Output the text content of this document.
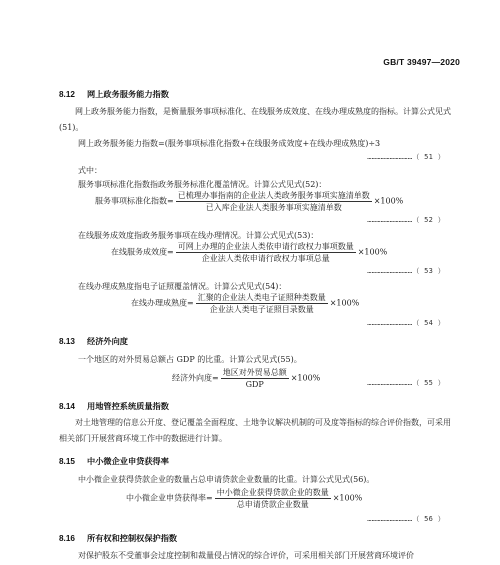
GB/T 39497—2020
8.12 网上政务服务能力指数
网上政务服务能力指数，是衡量服务事项标准化、在线服务成效度、在线办理成熟度的指标。计算公式见式(51)。
网上政务服务能力指数=(服务事项标准化指数+在线服务成效度+在线办理成熟度)÷3
…………………………（ 51 ）
式中：
服务事项标准化指数指政务服务标准化覆盖情况。计算公式见式(52)：
服务事项标准化指数= $\frac{\text{已梳理办事指南的企业法人类政务服务事项实施清单数}}{\text{已入库企业法人类服务事项实施清单数}} \times 100\%$
…………………………（ 52 ）
在线服务成效度指政务服务事项在线办理情况。计算公式见式(53)：
在线服务成效度= $\frac{\text{可网上办理的企业法人类依申请行政权力事项数量}}{\text{企业法人类依申请行政权力事项总量}} \times 100\%$
…………………………（ 53 ）
在线办理成熟度指电子证照覆盖情况。计算公式见式(54)：
在线办理成熟度= $\frac{\text{汇聚的企业法人类电子证照种类数量}}{\text{企业法人类电子证照目录数量}} \times 100\%$
…………………………（ 54 ）
8.13 经济外向度
一个地区的对外贸易总额占 GDP 的比重。计算公式见式(55)。
经济外向度= $\frac{\text{地区对外贸易总额}}{\text{GDP}} \times 100\%$
…………………………（ 55 ）
8.14 用地管控系统质量指数
对土地管理的信息公开度、登记覆盖全面程度、土地争议解决机制的可及度等指标的综合评价指数，可采用相关部门开展营商环境工作中的数据进行计算。
8.15 中小微企业申贷获得率
中小微企业获得贷款企业的数量占总申请贷款企业数量的比重。计算公式见式(56)。
中小微企业申贷获得率= $\frac{\text{中小微企业获得贷款企业的数量}}{\text{总申请贷款企业数量}} \times 100\%$
…………………………（ 56 ）
8.16 所有权和控制权保护指数
对保护股东不受董事会过度控制和裁量侵占情况的综合评价，可采用相关部门开展营商环境评价
